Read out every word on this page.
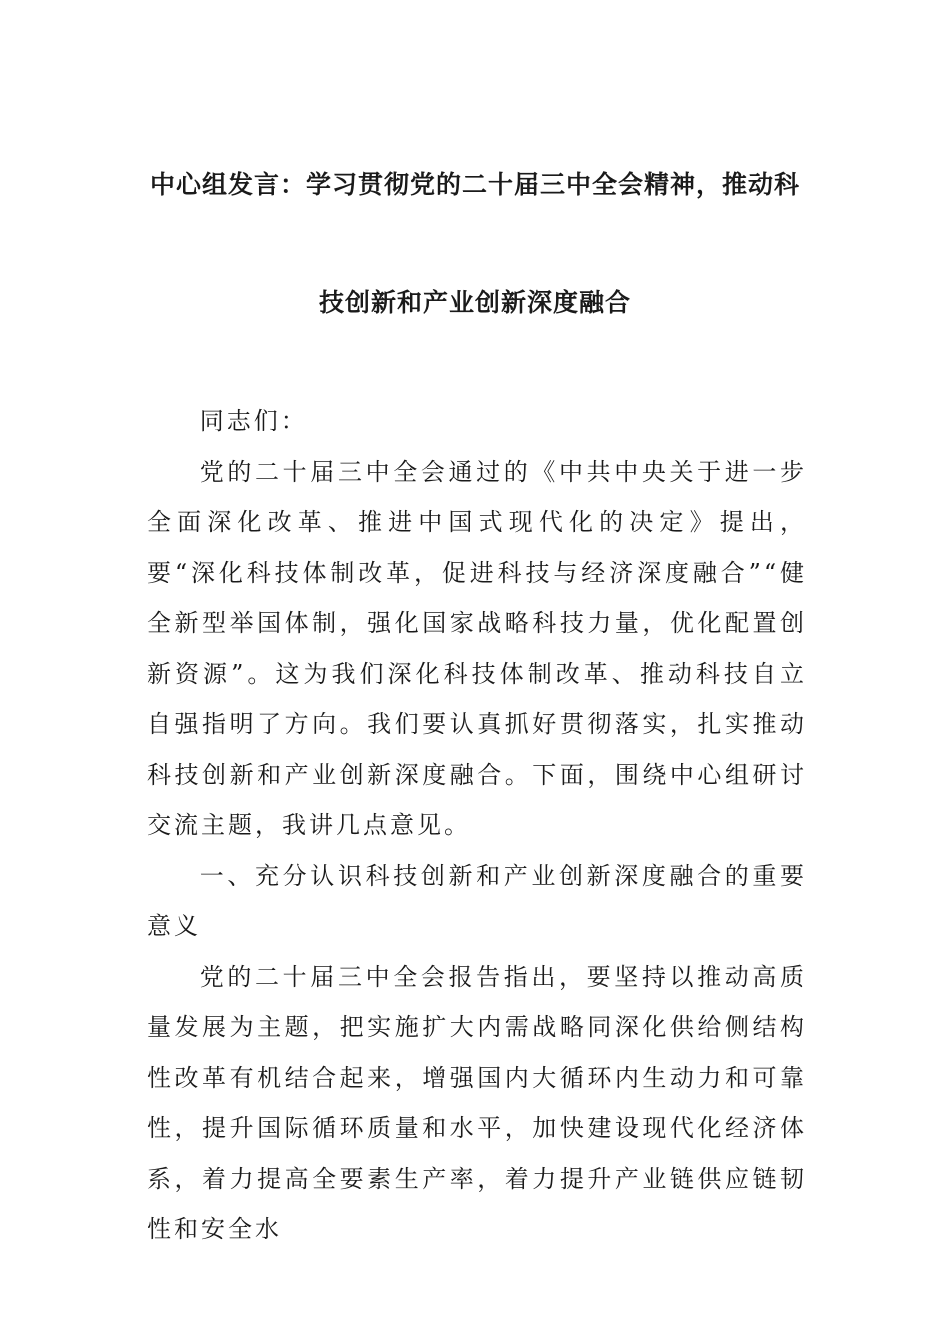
中心组发言：学习贯彻党的二十届三中全会精神，推动科
技创新和产业创新深度融合

同志们：

党的二十届三中全会通过的《中共中央关于进一步全面深化改革、推进中国式现代化的决定》提出，要“深化科技体制改革，促进科技与经济深度融合”“健全新型举国体制，强化国家战略科技力量，优化配置创新资源”。这为我们深化科技体制改革、推动科技自立自强指明了方向。我们要认真抓好贯彻落实，扎实推动科技创新和产业创新深度融合。下面，围绕中心组研讨交流主题，我讲几点意见。

一、充分认识科技创新和产业创新深度融合的重要意义

党的二十届三中全会报告指出，要坚持以推动高质量发展为主题，把实施扩大内需战略同深化供给侧结构性改革有机结合起来，增强国内大循环内生动力和可靠性，提升国际循环质量和水平，加快建设现代化经济体系，着力提高全要素生产率，着力提升产业链供应链韧性和安全水
